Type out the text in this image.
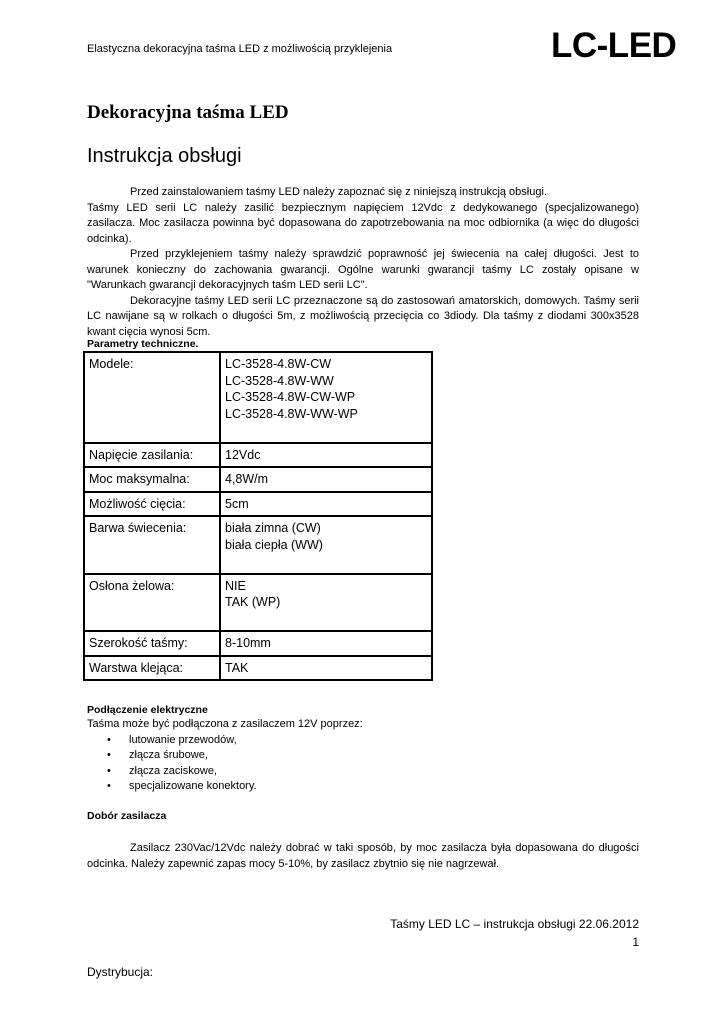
Elastyczna dekoracyjna taśma LED z możliwością przyklejenia	LC-LED
Dekoracyjna taśma LED
Instrukcja obsługi

Przed zainstalowaniem taśmy LED należy zapoznać się z niniejszą instrukcją obsługi.

Taśmy LED serii LC należy zasilić bezpiecznym napięciem 12Vdc z dedykowanego (specjalizowanego) zasilacza. Moc zasilacza powinna być dopasowana do zapotrzebowania na moc odbiornika (a więc do długości odcinka).

Przed przyklejeniem taśmy należy sprawdzić poprawność jej świecenia na całej długości. Jest to warunek konieczny do zachowania gwarancji. Ogólne warunki gwarancji taśmy LC zostały opisane w "Warunkach gwarancji dekoracyjnych taśm LED serii LC".

Dekoracyjne taśmy LED serii LC przeznaczone są do zastosowań amatorskich, domowych. Taśmy serii LC nawijane są w rolkach o długości 5m, z możliwością przecięcia co 3diody. Dla taśmy z diodami 300x3528 kwant cięcia wynosi 5cm.

Parametry techniczne.
Modele:	LC-3528-4.8W-CW
LC-3528-4.8W-WW
LC-3528-4.8W-CW-WP
LC-3528-4.8W-WW-WP

Napięcie zasilania:	12Vdc

Moc maksymalna:	4,8W/m

Możliwość cięcia:	5cm

Barwa świecenia:	biała zimna (CW)
biała ciepła (WW)

Osłona żelowa:	NIE
TAK (WP)

Szerokość taśmy:	8-10mm

Warstwa klejąca:	TAK
Podłączenie elektryczne
Taśma może być podłączona z zasilaczem 12V poprzez:
• lutowanie przewodów,
• złącza śrubowe,
• złącza zaciskowe,
• specjalizowane konektory.
Dobór zasilacza

Zasilacz 230Vac/12Vdc należy dobrać w taki sposób, by moc zasilacza była dopasowana do długości odcinka. Należy zapewnić zapas mocy 5-10%, by zasilacz zbytnio się nie nagrzewał.

Taśmy LED LC – instrukcja obsługi 22.06.2012
1
Dystrybucja:
